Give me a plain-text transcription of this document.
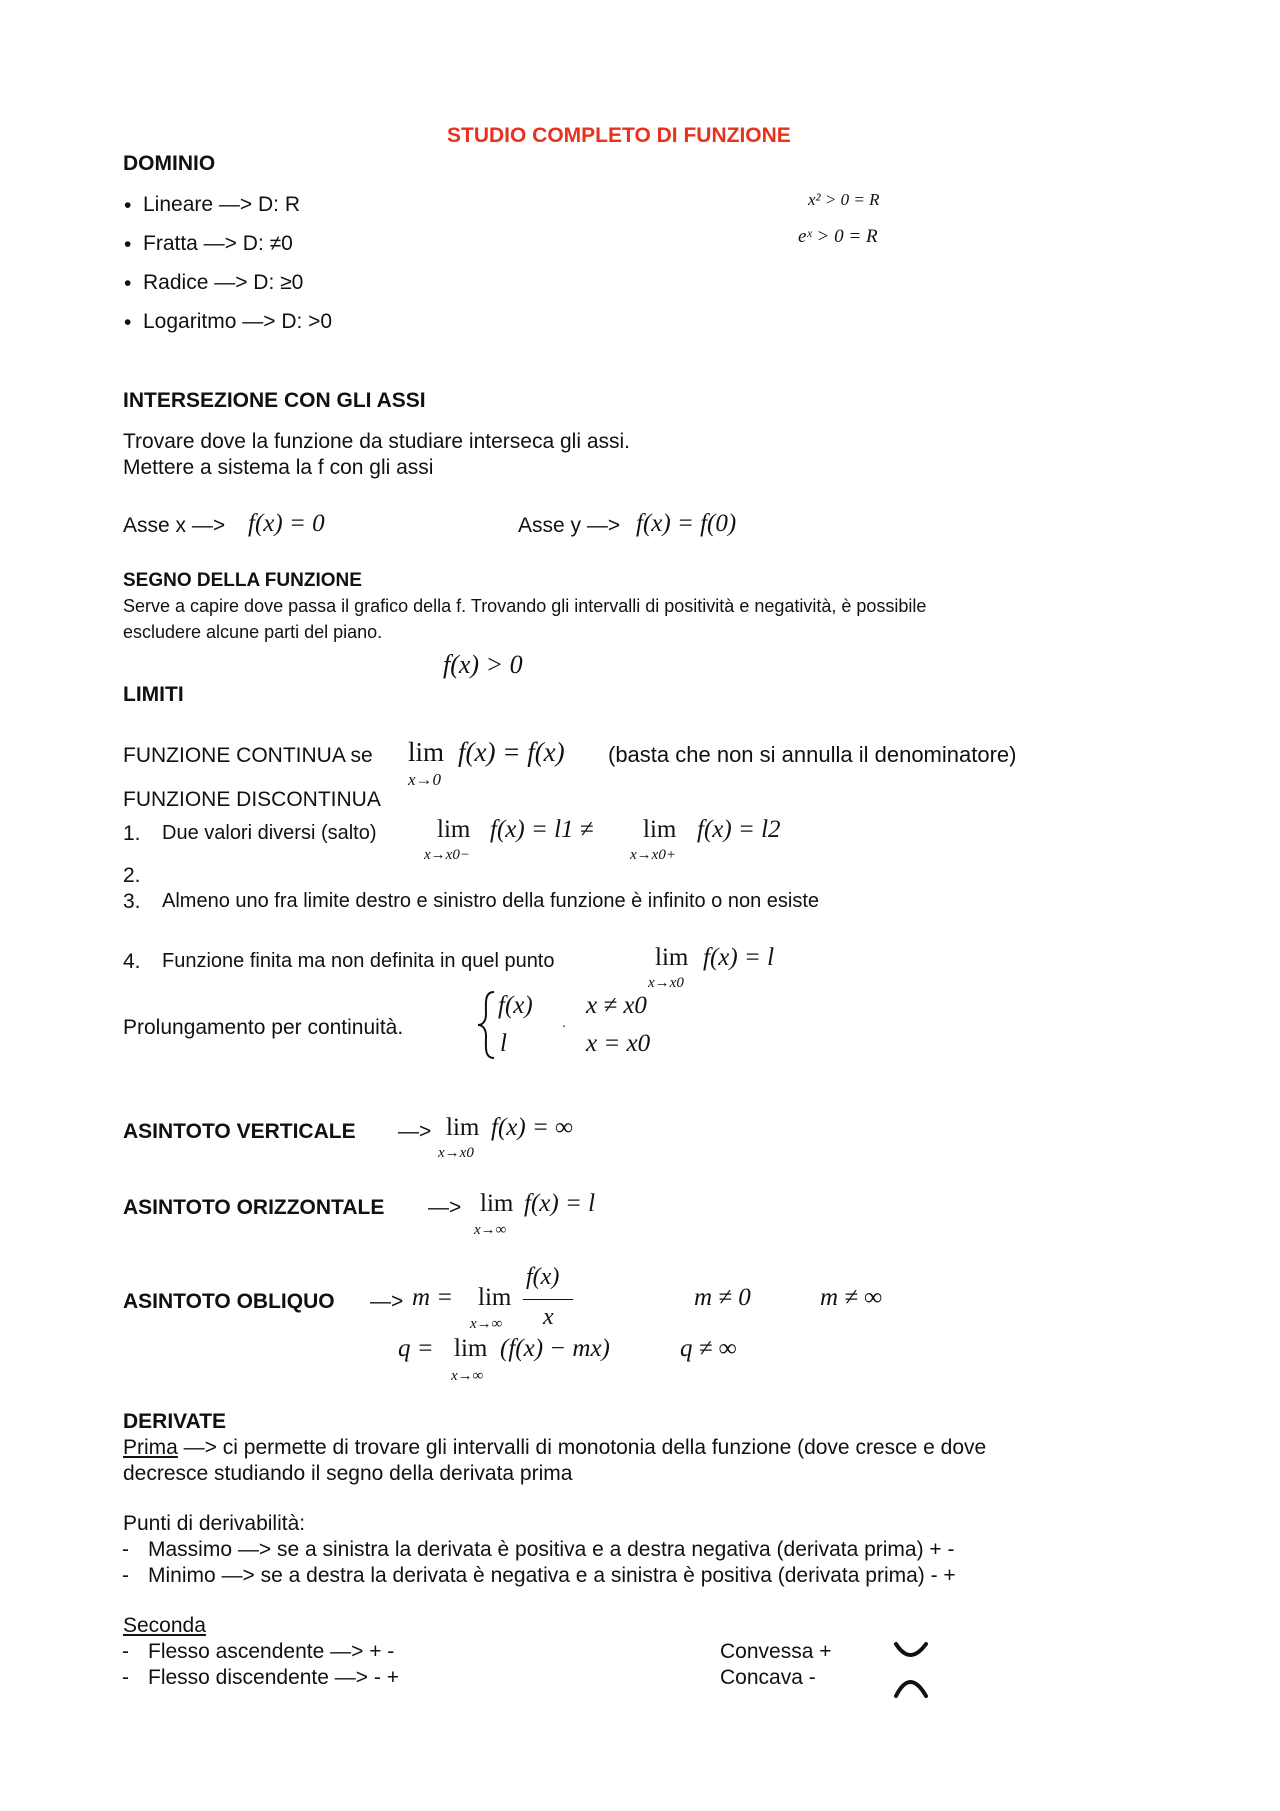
STUDIO COMPLETO DI FUNZIONE
DOMINIO
• Lineare —> D: R
• Fratta —> D: ≠0
• Radice —> D: ≥0
• Logaritmo —> D: >0
x² > 0 = R
eˣ > 0 = R
INTERSEZIONE CON GLI ASSI
Trovare dove la funzione da studiare interseca gli assi.
Mettere a sistema la f con gli assi
Asse x —> f(x) = 0	Asse y —> f(x) = f(0)
SEGNO DELLA FUNZIONE
Serve a capire dove passa il grafico della f. Trovando gli intervalli di positività e negatività, è possibile
escludere alcune parti del piano.
f(x) > 0
LIMITI
FUNZIONE CONTINUA se lim f(x) = f(x)
x→0
(basta che non si annulla il denominatore)
FUNZIONE DISCONTINUA
1. Due valori diversi (salto) lim f(x) = l1 ≠
x→x0−
lim f(x) = l2
x→x0+
2.
3. Almeno uno fra limite destro e sinistro della funzione è infinito o non esiste
4. Funzione finita ma non definita in quel punto	lim f(x) = l
x→x0
Prolungamento per continuità.
f(x)
.
x ≠ x0
l	x = x0
ASINTOTO VERTICALE —> lim f(x) = ∞
x→x0
ASINTOTO ORIZZONTALE —> lim f(x) = l
x→∞
ASINTOTO OBLIQUO —> m = lim
x→∞
f(x)
x
m ≠ 0	m ≠ ∞
q = lim
x→∞
(f(x) − mx)	q ≠ ∞
DERIVATE
Prima —> ci permette di trovare gli intervalli di monotonia della funzione (dove cresce e dove
decresce studiando il segno della derivata prima
Punti di derivabilità:
- Massimo —> se a sinistra la derivata è positiva e a destra negativa (derivata prima) + -
- Minimo —> se a destra la derivata è negativa e a sinistra è positiva (derivata prima) - +
Seconda
- Flesso ascendente —> + -
- Flesso discendente —> - +
Convessa +
Concava -
